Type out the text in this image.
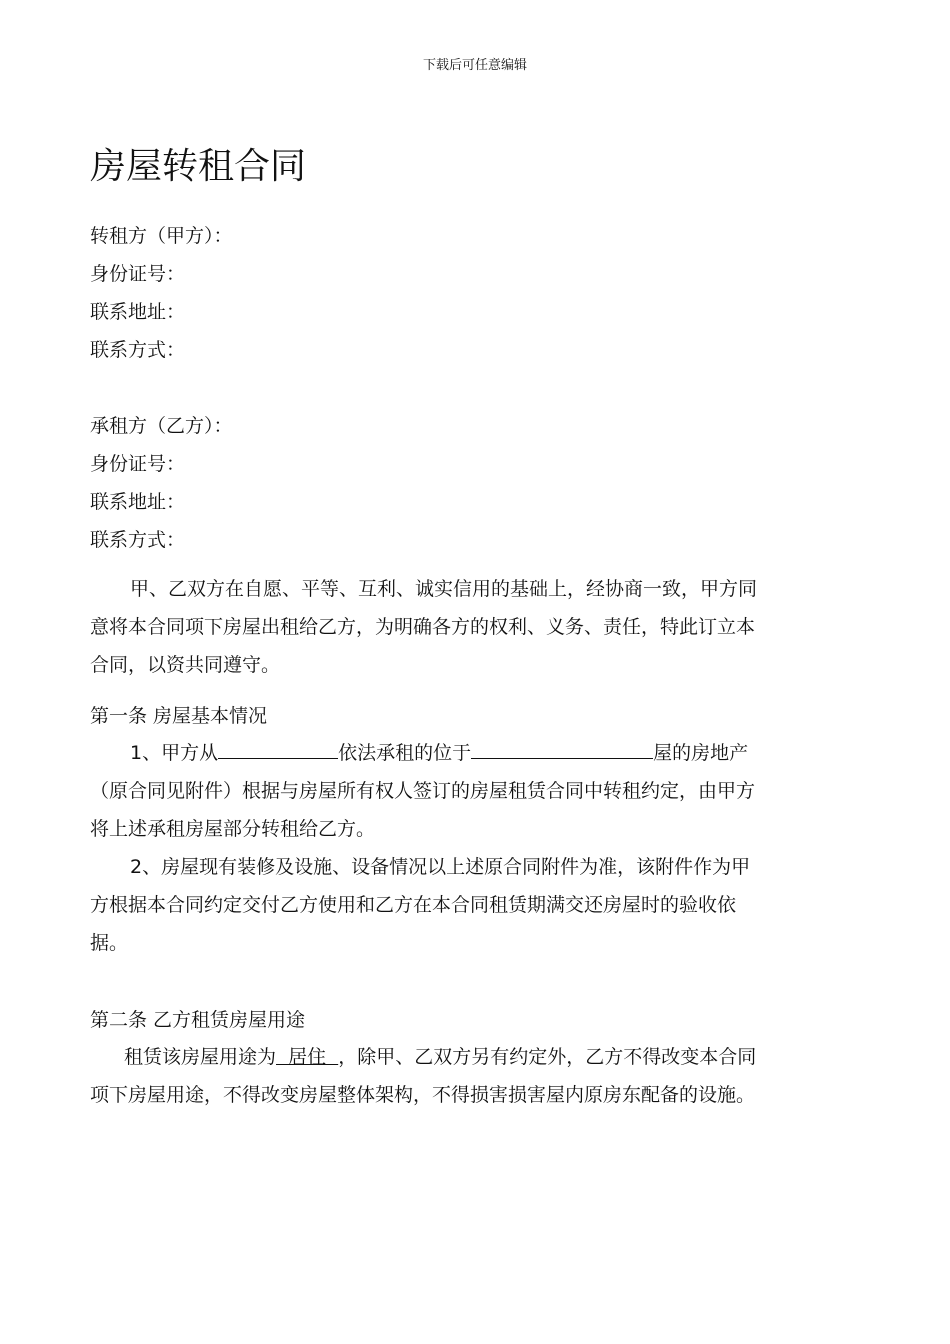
下载后可任意编辑
房屋转租合同
转租方（甲方）：
身份证号：
联系地址：
联系方式：
承租方（乙方）：
身份证号：
联系地址：
联系方式：
甲、乙双方在自愿、平等、互利、诚实信用的基础上，经协商一致，甲方同意将本合同项下房屋出租给乙方，为明确各方的权利、义务、责任，特此订立本合同，以资共同遵守。
第一条 房屋基本情况
1、甲方从	依法承租的位于	屋的房地产（原合同见附件）根据与房屋所有权人签订的房屋租赁合同中转租约定，由甲方将上述承租房屋部分转租给乙方。
2、房屋现有装修及设施、设备情况以上述原合同附件为准，该附件作为甲方根据本合同约定交付乙方使用和乙方在本合同租赁期满交还房屋时的验收依据。
第二条 乙方租赁房屋用途
租赁该房屋用途为  居住  ，除甲、乙双方另有约定外，乙方不得改变本合同项下房屋用途，不得改变房屋整体架构，不得损害损害屋内原房东配备的设施。
